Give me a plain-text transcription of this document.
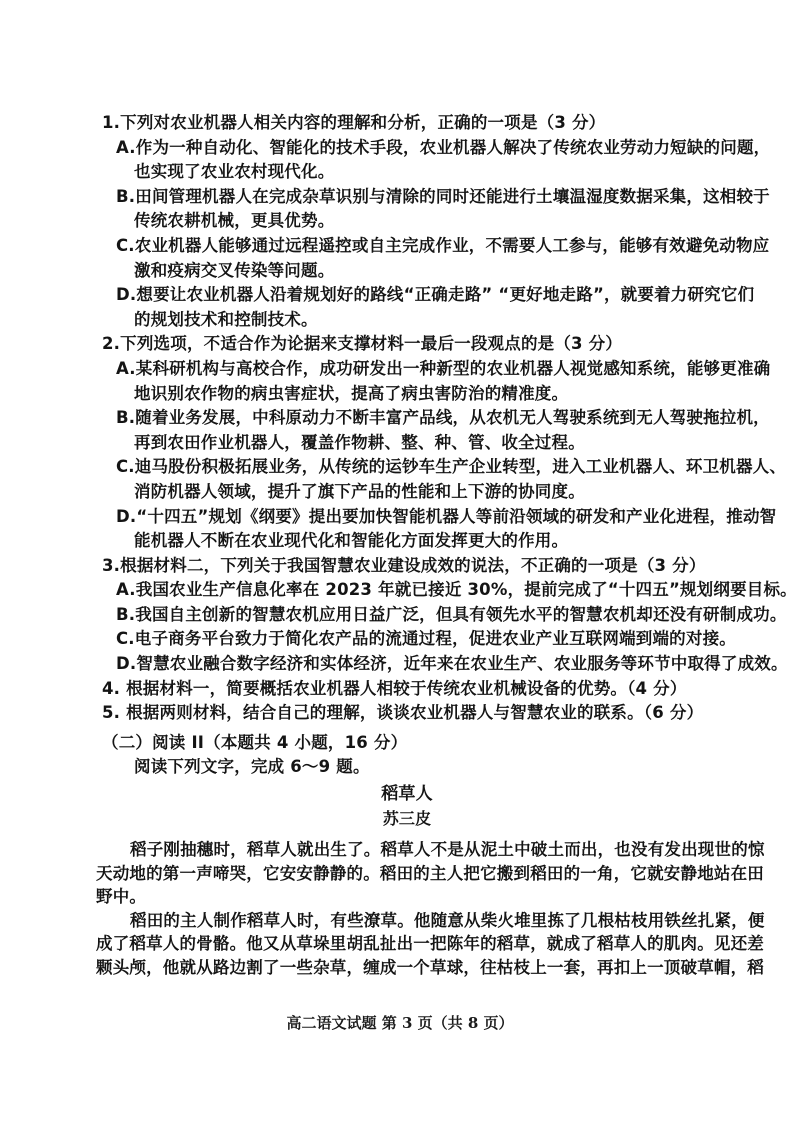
1.下列对农业机器人相关内容的理解和分析，正确的一项是（3 分）
A.作为一种自动化、智能化的技术手段，农业机器人解决了传统农业劳动力短缺的问题，
也实现了农业农村现代化。
B.田间管理机器人在完成杂草识别与清除的同时还能进行土壤温湿度数据采集，这相较于
传统农耕机械，更具优势。
C.农业机器人能够通过远程遥控或自主完成作业，不需要人工参与，能够有效避免动物应
激和疫病交叉传染等问题。
D.想要让农业机器人沿着规划好的路线“正确走路” “更好地走路”，就要着力研究它们
的规划技术和控制技术。
2.下列选项，不适合作为论据来支撑材料一最后一段观点的是（3 分）
A.某科研机构与高校合作，成功研发出一种新型的农业机器人视觉感知系统，能够更准确
地识别农作物的病虫害症状，提高了病虫害防治的精准度。
B.随着业务发展，中科原动力不断丰富产品线，从农机无人驾驶系统到无人驾驶拖拉机，
再到农田作业机器人，覆盖作物耕、整、种、管、收全过程。
C.迪马股份积极拓展业务，从传统的运钞车生产企业转型，进入工业机器人、环卫机器人、
消防机器人领域，提升了旗下产品的性能和上下游的协同度。
D.“十四五”规划《纲要》提出要加快智能机器人等前沿领域的研发和产业化进程，推动智
能机器人不断在农业现代化和智能化方面发挥更大的作用。
3.根据材料二，下列关于我国智慧农业建设成效的说法，不正确的一项是（3 分）
A.我国农业生产信息化率在 2023 年就已接近 30%，提前完成了“十四五”规划纲要目标。
B.我国自主创新的智慧农机应用日益广泛，但具有领先水平的智慧农机却还没有研制成功。
C.电子商务平台致力于简化农产品的流通过程，促进农业产业互联网端到端的对接。
D.智慧农业融合数字经济和实体经济，近年来在农业生产、农业服务等环节中取得了成效。
4. 根据材料一，简要概括农业机器人相较于传统农业机械设备的优势。（4 分）
5. 根据两则材料，结合自己的理解，谈谈农业机器人与智慧农业的联系。（6 分）
（二）阅读 II（本题共 4 小题，16 分）
阅读下列文字，完成 6～9 题。
稻草人
苏三皮
稻子刚抽穗时，稻草人就出生了。稻草人不是从泥土中破土而出，也没有发出现世的惊
天动地的第一声啼哭，它安安静静的。稻田的主人把它搬到稻田的一角，它就安静地站在田
野中。
稻田的主人制作稻草人时，有些潦草。他随意从柴火堆里拣了几根枯枝用铁丝扎紧，便
成了稻草人的骨骼。他又从草垛里胡乱扯出一把陈年的稻草，就成了稻草人的肌肉。见还差
颗头颅，他就从路边割了一些杂草，缠成一个草球，往枯枝上一套，再扣上一顶破草帽，稻
高二语文试题 第 3 页（共 8 页）
